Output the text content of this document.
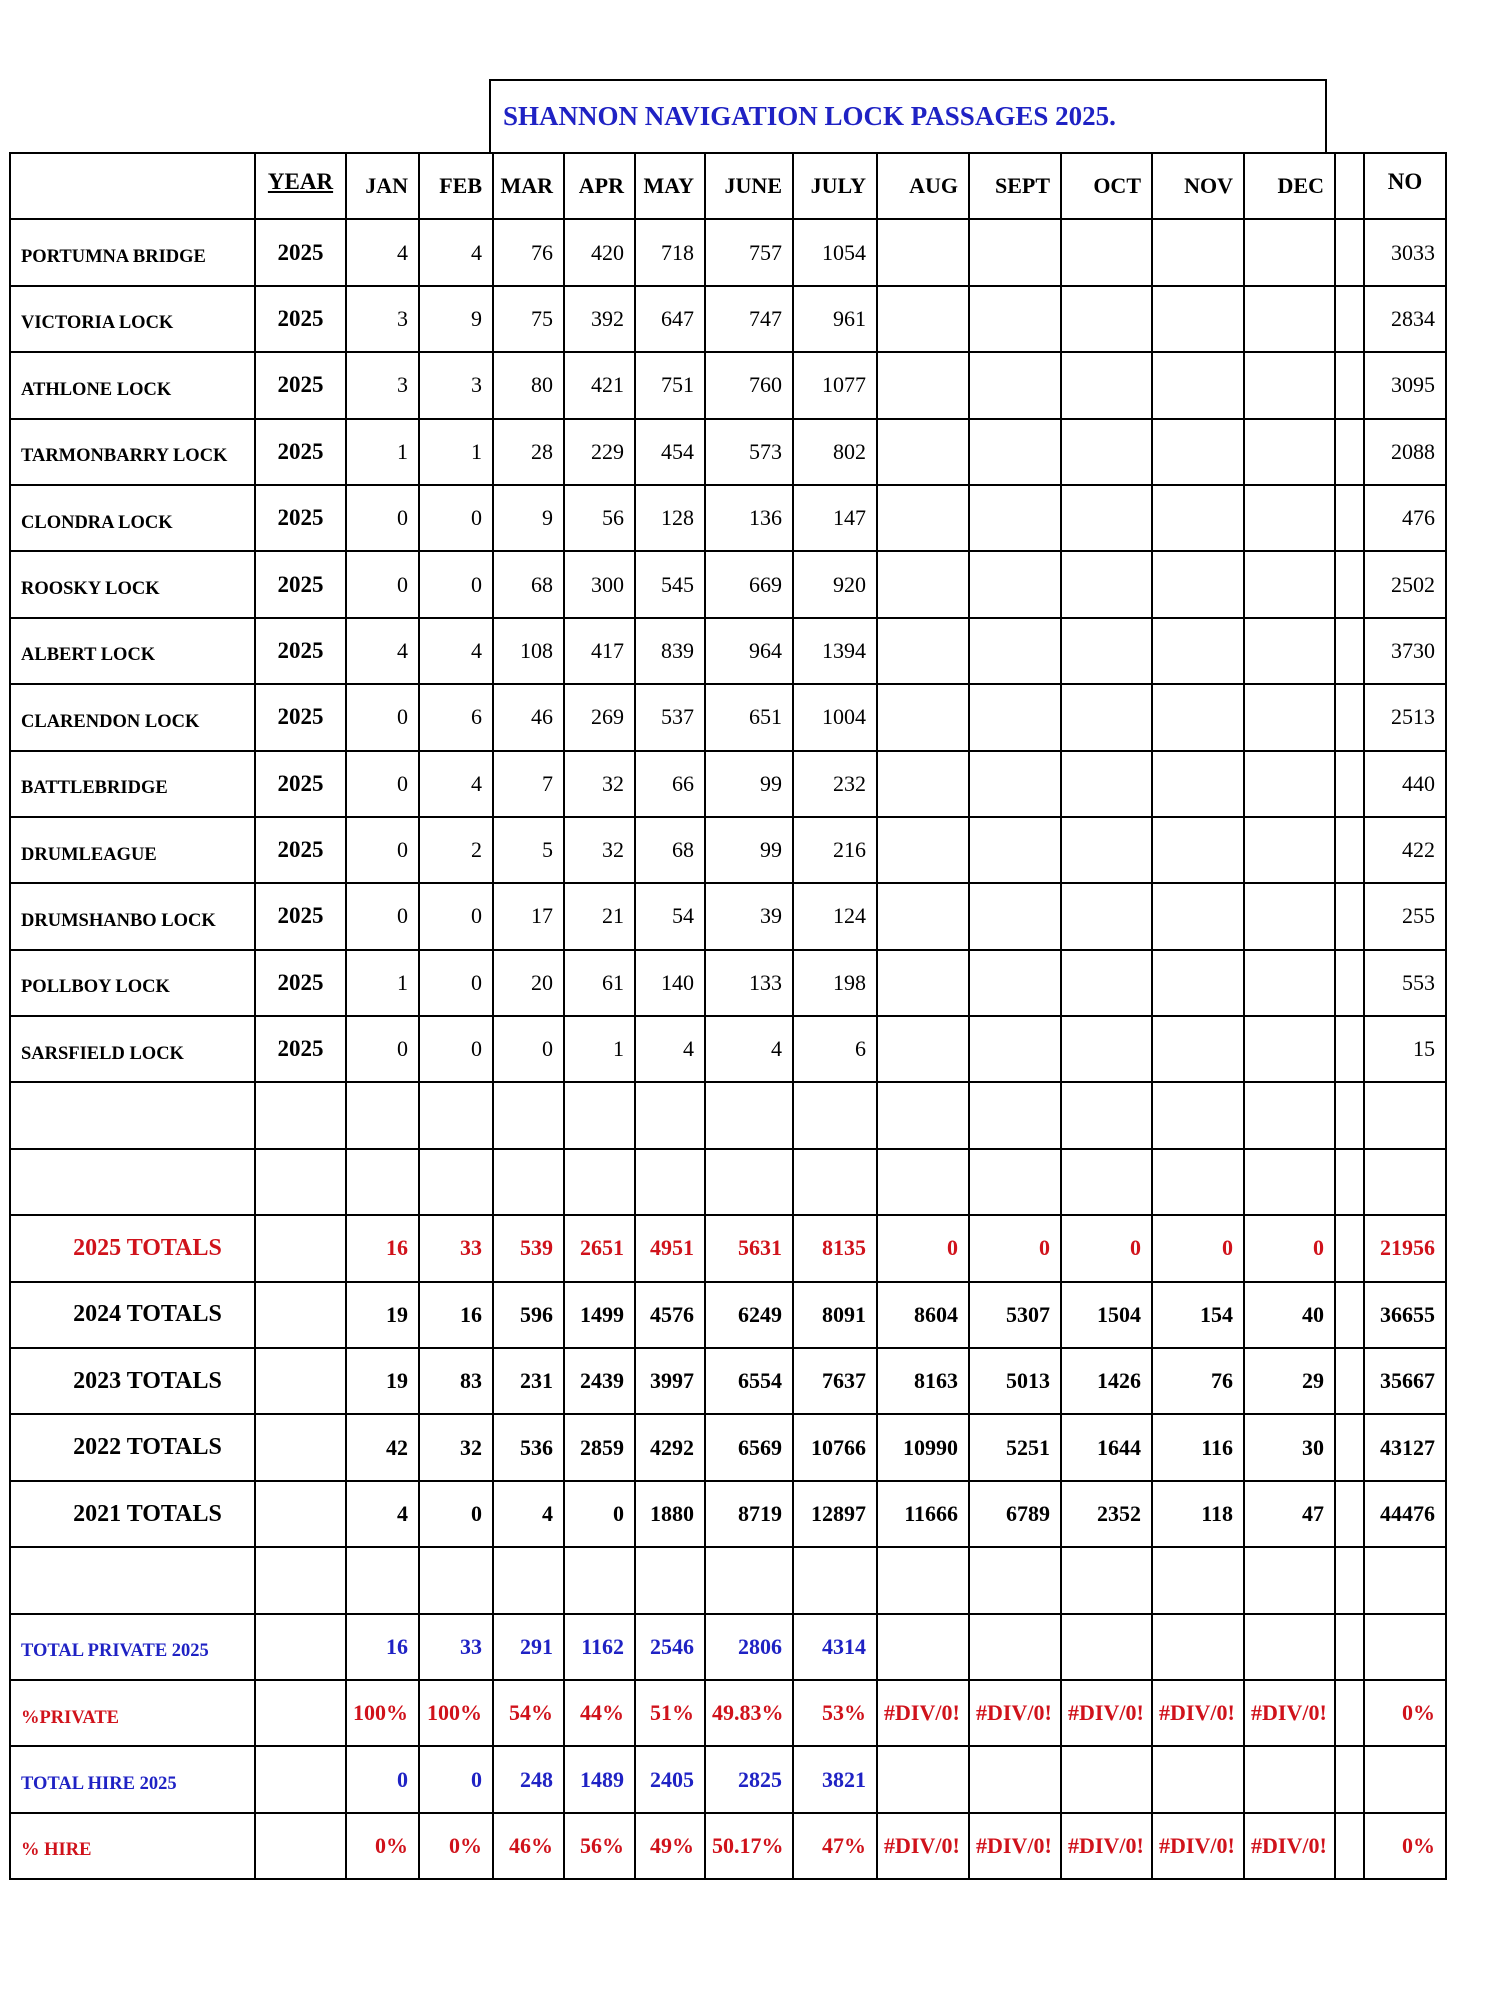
SHANNON NAVIGATION LOCK PASSAGES 2025.
	YEAR	JAN	FEB	MAR	APR	MAY	JUNE	JULY	AUG	SEPT	OCT	NOV	DEC		NO
PORTUMNA BRIDGE	2025	4	4	76	420	718	757	1054							3033
VICTORIA LOCK	2025	3	9	75	392	647	747	961							2834
ATHLONE LOCK	2025	3	3	80	421	751	760	1077							3095
TARMONBARRY LOCK	2025	1	1	28	229	454	573	802							2088
CLONDRA LOCK	2025	0	0	9	56	128	136	147							476
ROOSKY LOCK	2025	0	0	68	300	545	669	920							2502
ALBERT LOCK	2025	4	4	108	417	839	964	1394							3730
CLARENDON LOCK	2025	0	6	46	269	537	651	1004							2513
BATTLEBRIDGE	2025	0	4	7	32	66	99	232							440
DRUMLEAGUE	2025	0	2	5	32	68	99	216							422
DRUMSHANBO LOCK	2025	0	0	17	21	54	39	124							255
POLLBOY LOCK	2025	1	0	20	61	140	133	198							553
SARSFIELD LOCK	2025	0	0	0	1	4	4	6							15

2025 TOTALS		16	33	539	2651	4951	5631	8135	0	0	0	0	0		21956
2024 TOTALS		19	16	596	1499	4576	6249	8091	8604	5307	1504	154	40		36655
2023 TOTALS		19	83	231	2439	3997	6554	7637	8163	5013	1426	76	29		35667
2022 TOTALS		42	32	536	2859	4292	6569	10766	10990	5251	1644	116	30		43127
2021 TOTALS		4	0	4	0	1880	8719	12897	11666	6789	2352	118	47		44476

TOTAL PRIVATE 2025		16	33	291	1162	2546	2806	4314							
%PRIVATE		100%	100%	54%	44%	51%	49.83%	53%	#DIV/0!	#DIV/0!	#DIV/0!	#DIV/0!	#DIV/0!		0%
TOTAL HIRE 2025		0	0	248	1489	2405	2825	3821							
% HIRE		0%	0%	46%	56%	49%	50.17%	47%	#DIV/0!	#DIV/0!	#DIV/0!	#DIV/0!	#DIV/0!		0%
